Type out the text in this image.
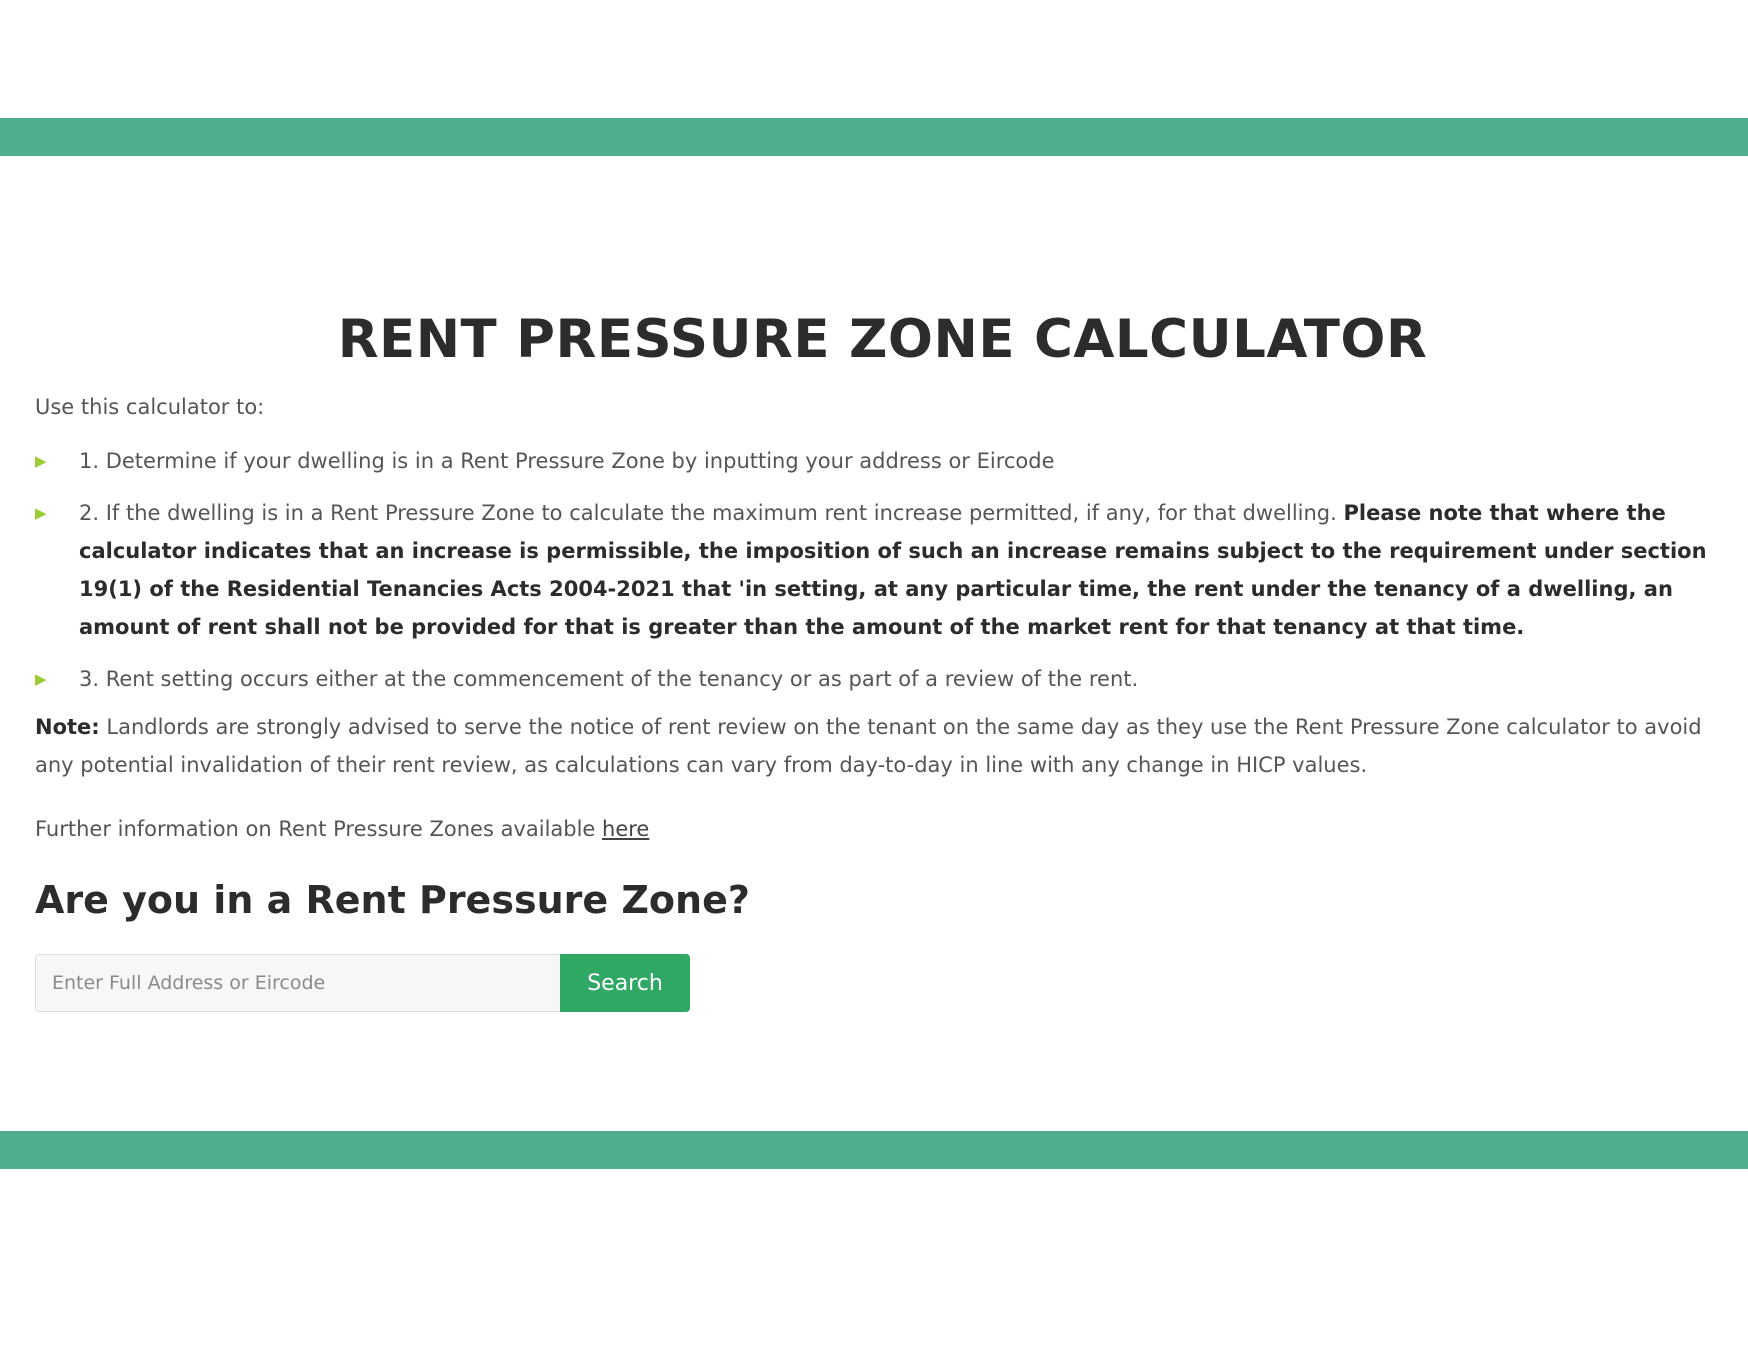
RENT PRESSURE ZONE CALCULATOR

Use this calculator to:

▶ 1. Determine if your dwelling is in a Rent Pressure Zone by inputting your address or Eircode
▶ 2. If the dwelling is in a Rent Pressure Zone to calculate the maximum rent increase permitted, if any, for that dwelling. Please note that where the calculator indicates that an increase is permissible, the imposition of such an increase remains subject to the requirement under section 19(1) of the Residential Tenancies Acts 2004-2021 that 'in setting, at any particular time, the rent under the tenancy of a dwelling, an amount of rent shall not be provided for that is greater than the amount of the market rent for that tenancy at that time.
▶ 3. Rent setting occurs either at the commencement of the tenancy or as part of a review of the rent.

Note: Landlords are strongly advised to serve the notice of rent review on the tenant on the same day as they use the Rent Pressure Zone calculator to avoid any potential invalidation of their rent review, as calculations can vary from day-to-day in line with any change in HICP values.

Further information on Rent Pressure Zones available here

Are you in a Rent Pressure Zone?
Enter Full Address or Eircode
Search
